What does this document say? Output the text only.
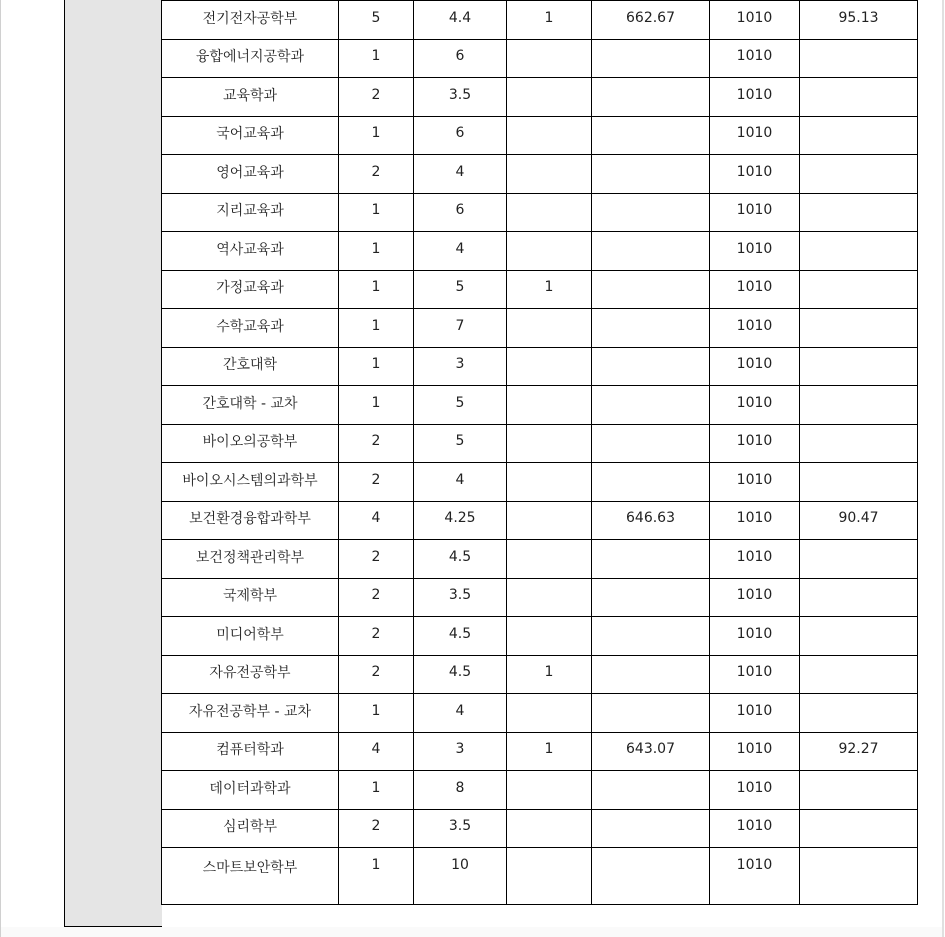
전기전자공학부	5	4.4	1	662.67	1010	95.13
융합에너지공학과	1	6			1010	
교육학과	2	3.5			1010	
국어교육과	1	6			1010	
영어교육과	2	4			1010	
지리교육과	1	6			1010	
역사교육과	1	4			1010	
가정교육과	1	5	1		1010	
수학교육과	1	7			1010	
간호대학	1	3			1010	
간호대학 - 교차	1	5			1010	
바이오의공학부	2	5			1010	
바이오시스템의과학부	2	4			1010	
보건환경융합과학부	4	4.25		646.63	1010	90.47
보건정책관리학부	2	4.5			1010	
국제학부	2	3.5			1010	
미디어학부	2	4.5			1010	
자유전공학부	2	4.5	1		1010	
자유전공학부 - 교차	1	4			1010	
컴퓨터학과	4	3	1	643.07	1010	92.27
데이터과학과	1	8			1010	
심리학부	2	3.5			1010	
스마트보안학부	1	10			1010	
